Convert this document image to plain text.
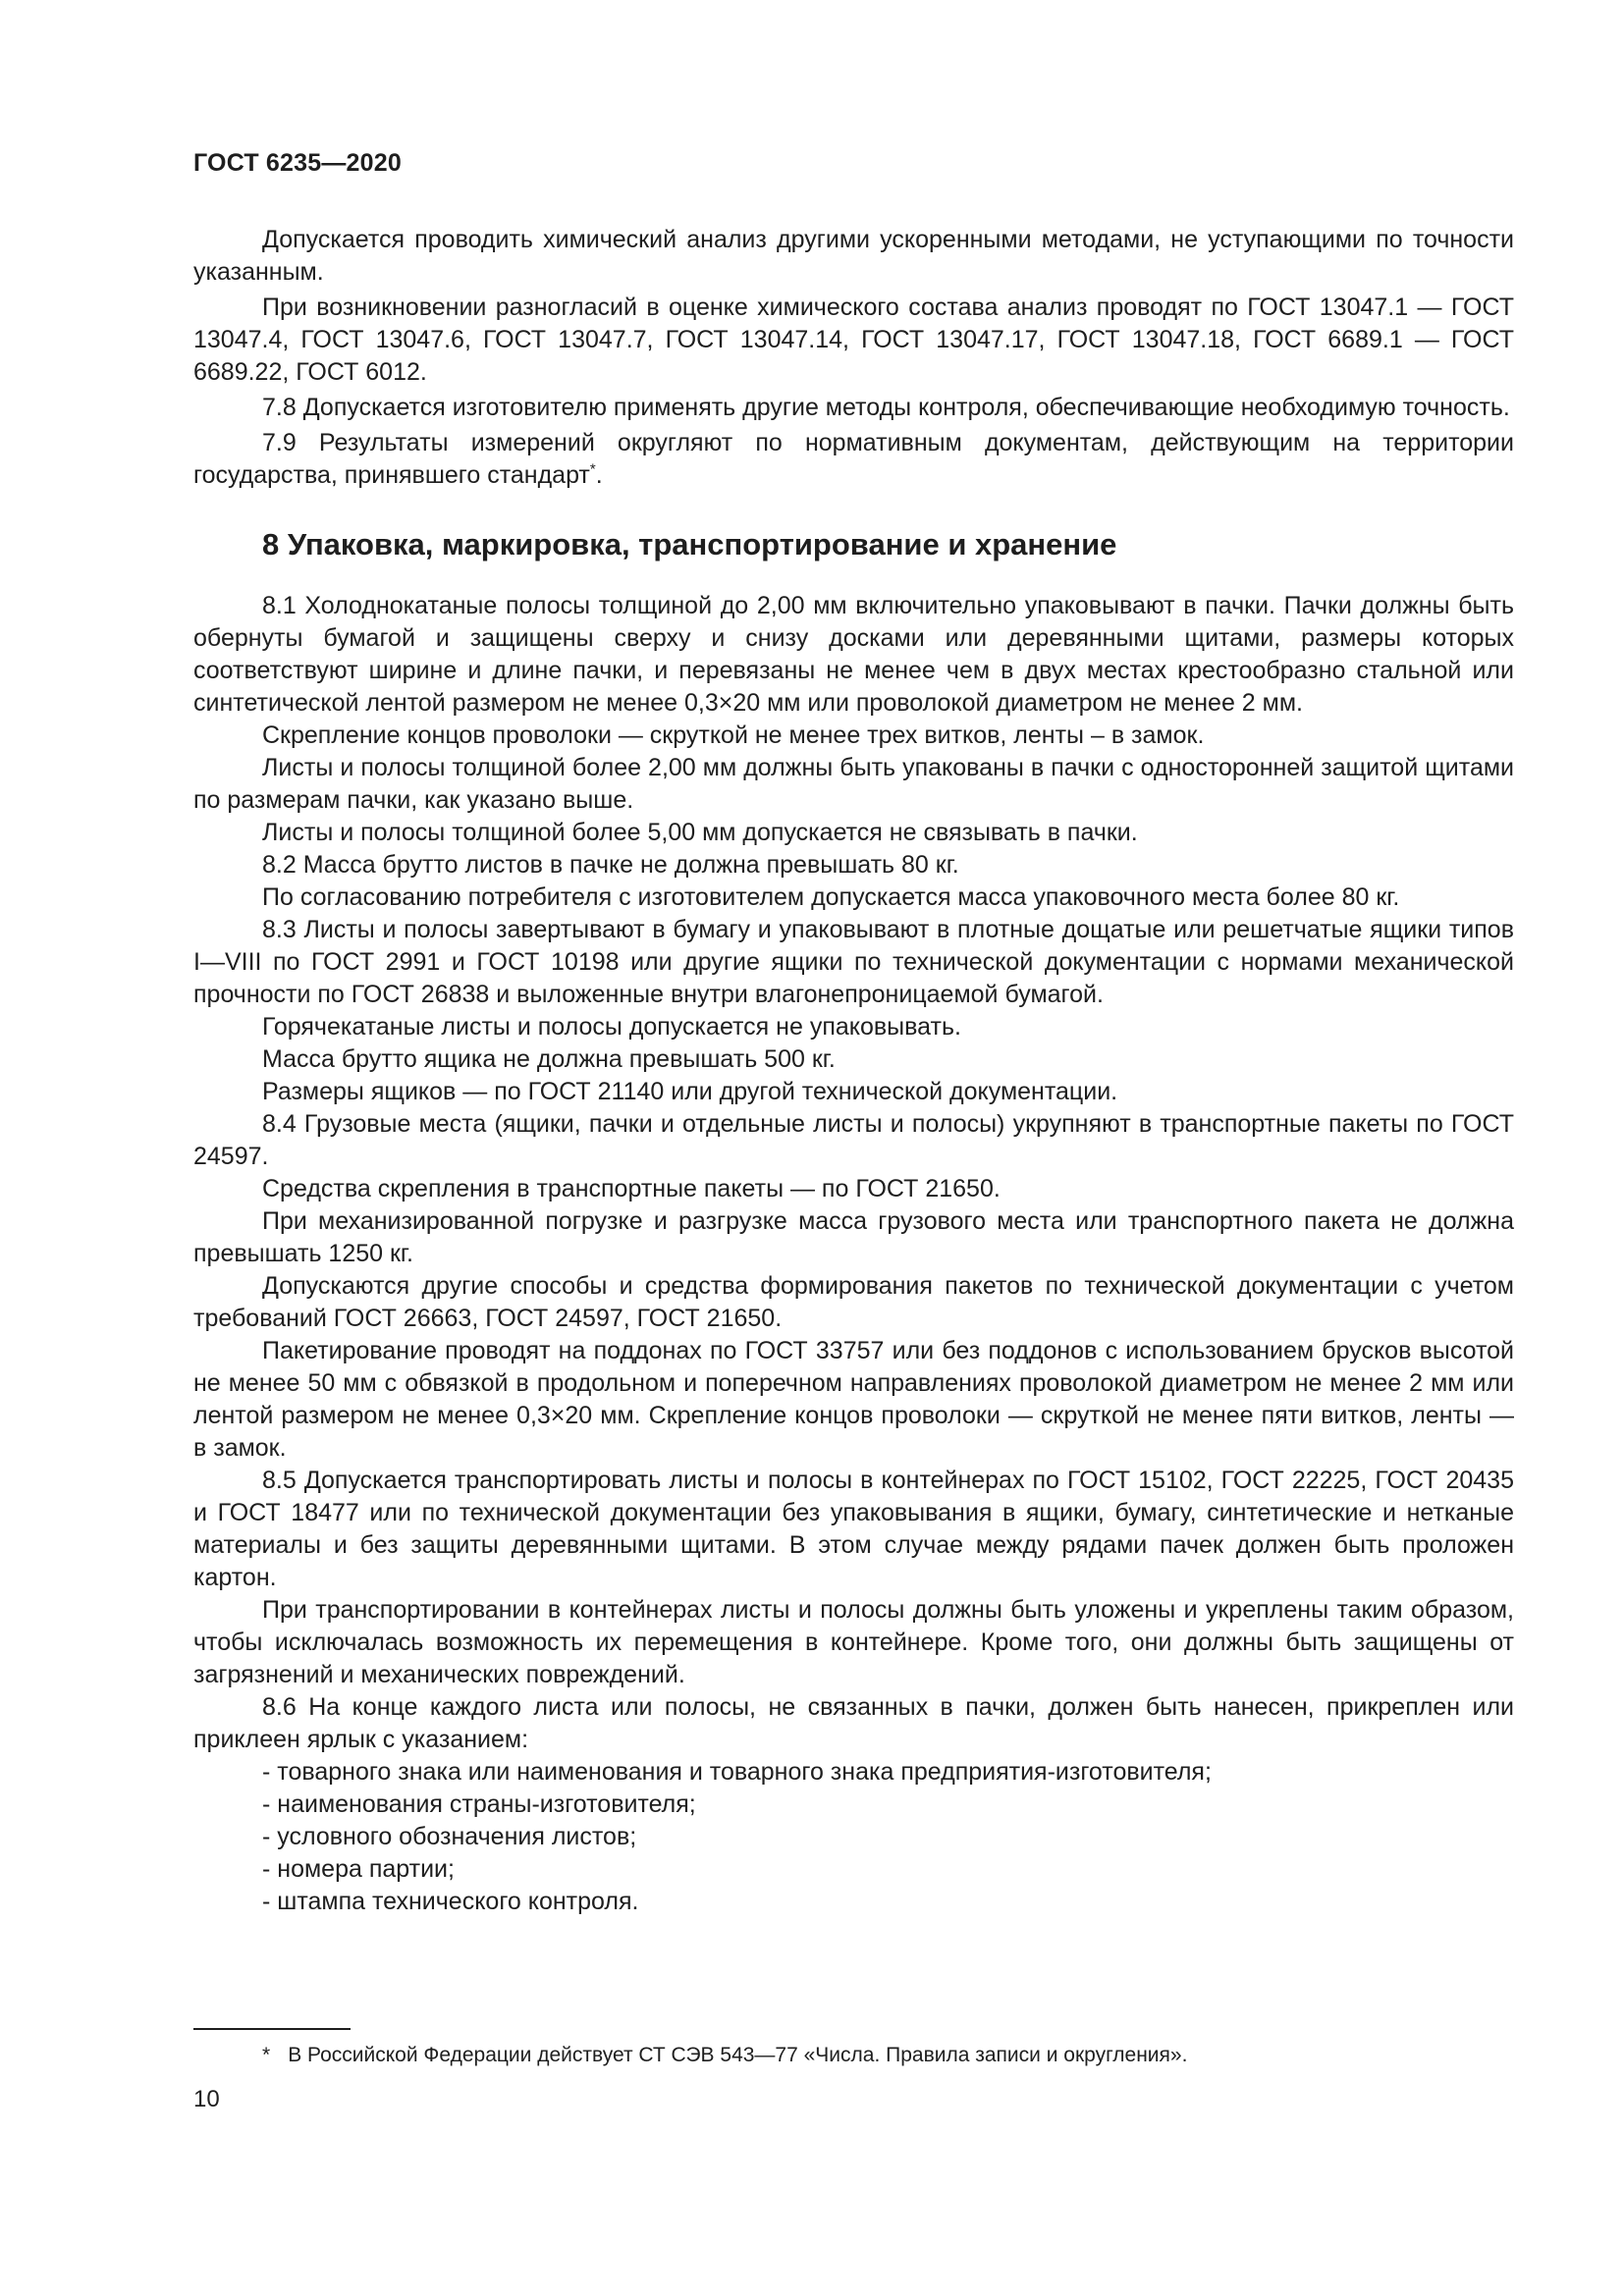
ГОСТ 6235—2020

Допускается проводить химический анализ другими ускоренными методами, не уступающими по точности указанным.

При возникновении разногласий в оценке химического состава анализ проводят по ГОСТ 13047.1 — ГОСТ 13047.4, ГОСТ 13047.6, ГОСТ 13047.7, ГОСТ 13047.14, ГОСТ 13047.17, ГОСТ 13047.18, ГОСТ 6689.1 — ГОСТ 6689.22, ГОСТ 6012.

7.8 Допускается изготовителю применять другие методы контроля, обеспечивающие необходимую точность.

7.9 Результаты измерений округляют по нормативным документам, действующим на территории государства, принявшего стандарт*.

8 Упаковка, маркировка, транспортирование и хранение

8.1 Холоднокатаные полосы толщиной до 2,00 мм включительно упаковывают в пачки. Пачки должны быть обернуты бумагой и защищены сверху и снизу досками или деревянными щитами, размеры которых соответствуют ширине и длине пачки, и перевязаны не менее чем в двух местах крестообразно стальной или синтетической лентой размером не менее 0,3×20 мм или проволокой диаметром не менее 2 мм.

Скрепление концов проволоки — скруткой не менее трех витков, ленты – в замок.

Листы и полосы толщиной более 2,00 мм должны быть упакованы в пачки с односторонней защитой щитами по размерам пачки, как указано выше.

Листы и полосы толщиной более 5,00 мм допускается не связывать в пачки.

8.2 Масса брутто листов в пачке не должна превышать 80 кг.

По согласованию потребителя с изготовителем допускается масса упаковочного места более 80 кг.

8.3 Листы и полосы завертывают в бумагу и упаковывают в плотные дощатые или решетчатые ящики типов I—VIII по ГОСТ 2991 и ГОСТ 10198 или другие ящики по технической документации с нормами механической прочности по ГОСТ 26838 и выложенные внутри влагонепроницаемой бумагой.

Горячекатаные листы и полосы допускается не упаковывать.

Масса брутто ящика не должна превышать 500 кг.

Размеры ящиков — по ГОСТ 21140 или другой технической документации.

8.4 Грузовые места (ящики, пачки и отдельные листы и полосы) укрупняют в транспортные пакеты по ГОСТ 24597.

Средства скрепления в транспортные пакеты — по ГОСТ 21650.

При механизированной погрузке и разгрузке масса грузового места или транспортного пакета не должна превышать 1250 кг.

Допускаются другие способы и средства формирования пакетов по технической документации с учетом требований ГОСТ 26663, ГОСТ 24597, ГОСТ 21650.

Пакетирование проводят на поддонах по ГОСТ 33757 или без поддонов с использованием брусков высотой не менее 50 мм с обвязкой в продольном и поперечном направлениях проволокой диаметром не менее 2 мм или лентой размером не менее 0,3×20 мм. Скрепление концов проволоки — скруткой не менее пяти витков, ленты — в замок.

8.5 Допускается транспортировать листы и полосы в контейнерах по ГОСТ 15102, ГОСТ 22225, ГОСТ 20435 и ГОСТ 18477 или по технической документации без упаковывания в ящики, бумагу, синтетические и нетканые материалы и без защиты деревянными щитами. В этом случае между рядами пачек должен быть проложен картон.

При транспортировании в контейнерах листы и полосы должны быть уложены и укреплены таким образом, чтобы исключалась возможность их перемещения в контейнере. Кроме того, они должны быть защищены от загрязнений и механических повреждений.

8.6 На конце каждого листа или полосы, не связанных в пачки, должен быть нанесен, прикреплен или приклеен ярлык с указанием:

- товарного знака или наименования и товарного знака предприятия-изготовителя;

- наименования страны-изготовителя;

- условного обозначения листов;

- номера партии;

- штампа технического контроля.

* В Российской Федерации действует СТ СЭВ 543—77 «Числа. Правила записи и округления».

10
